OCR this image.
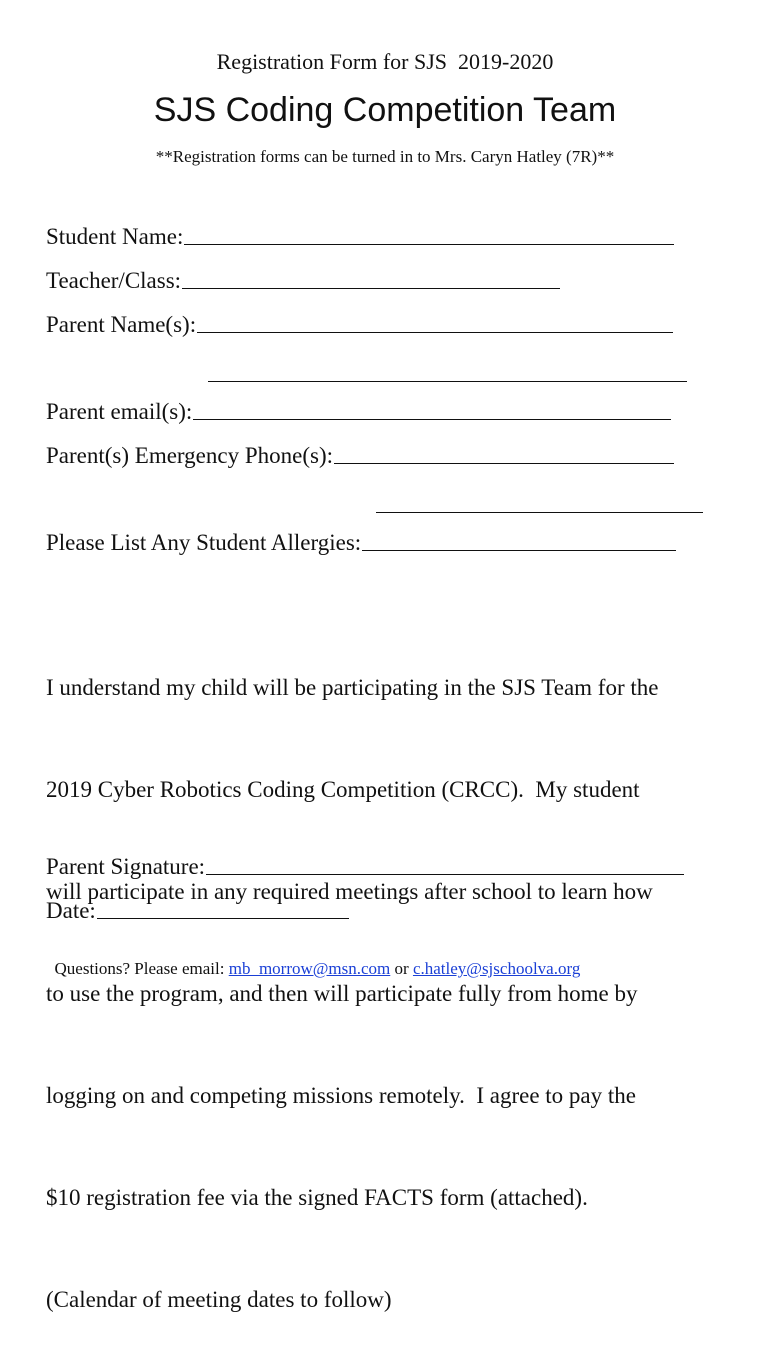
Registration Form for SJS  2019-2020
SJS Coding Competition Team
**Registration forms can be turned in to Mrs. Caryn Hatley (7R)**
Student Name:
Teacher/Class:
Parent Name(s):
Parent email(s):
Parent(s) Emergency Phone(s):
Please List Any Student Allergies:

I understand my child will be participating in the SJS Team for the

2019 Cyber Robotics Coding Competition (CRCC).  My student

will participate in any required meetings after school to learn how

to use the program, and then will participate fully from home by

logging on and competing missions remotely.  I agree to pay the

$10 registration fee via the signed FACTS form (attached).

(Calendar of meeting dates to follow)

Parent Signature:
Date:

Questions? Please email: mb_morrow@msn.com or c.hatley@sjschoolva.org
